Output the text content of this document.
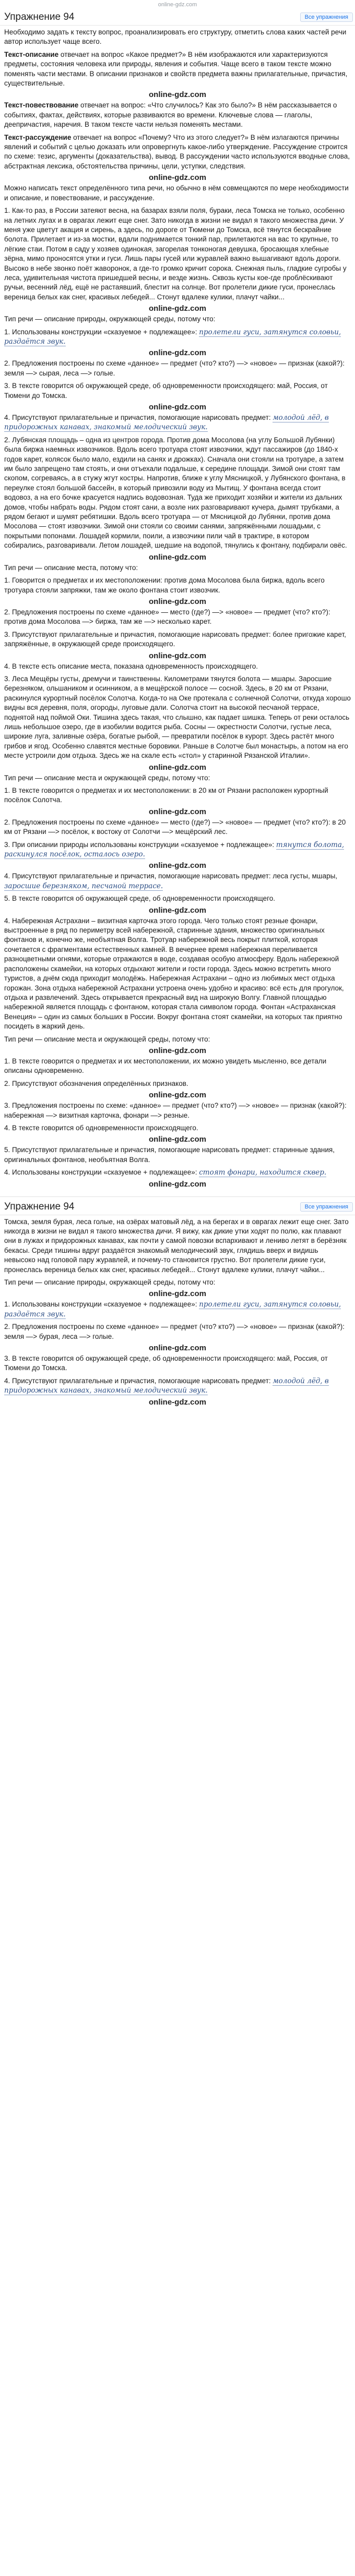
online-gdz.com
Упражнение 94	Все упражнения

Необходимо задать к тексту вопрос, проанализировать его структуру, отметить слова каких частей речи автор использует чаще всего.

Текст-описание отвечает на вопрос «Какое предмет?» В нём изображаются или характеризуются предметы, состояния человека или природы, явления и события. Чаще всего в таком тексте можно поменять части местами. В описании признаков и свойств предмета важны прилагательные, причастия, существительные.

online-gdz.com

Текст-повествование отвечает на вопрос: «Что случилось? Как это было?» В нём рассказывается о событиях, фактах, действиях, которые развиваются во времени. Ключевые слова — глаголы, деепричастия, наречия. В таком тексте части нельзя поменять местами.

Текст-рассуждение отвечает на вопрос «Почему? Что из этого следует?» В нём излагаются причины явлений и событий с целью доказать или опровергнуть какое-либо утверждение. Рассуждение строится по схеме: тезис, аргументы (доказательства), вывод. В рассуждении часто используются вводные слова, абстрактная лексика, обстоятельства причины, цели, уступки, следствия.

online-gdz.com

Можно написать текст определённого типа речи, но обычно в нём совмещаются по мере необходимости и описание, и повествование, и рассуждение.

1. Как-то раз, в России затеяют весна, на базарах взяли поля, бураки, леса Томска не только, особенно на летних лугах и в оврагах лежит еще снег. Зато никогда в жизни не видал я такого множества дичи. У меня уже цветут акация и сирень, а здесь, по дороге от Тюмени до Томска, всё тянутся бескрайние болота. Прилетает и из-за мостки, вдали поднимается тонкий пар, прилетаются на вас то крупные, то лёгкие стаи. Потом в саду у хозяев одинокая, загорелая тонконогая девушка, бросающая хлебные зёрна, мимо проносятся утки и гуси. Лишь пары гусей или журавлей важно вышагивают вдоль дороги. Высоко в небе звонко поёт жаворонок, а где-то громко кричит сорока. Снежная пыль, гладкие сугробы у леса, удивительная чистота пришедшей весны, и везде жизнь. Сквозь кусты кое-где проблёскивают ручьи, весенний лёд, ещё не растаявший, блестит на солнце. Вот пролетели дикие гуси, пронеслась вереница белых как снег, красивых лебедей... Стонут вдалеке кулики, плачут чайки...

online-gdz.com

Тип речи — описание природы, окружающей среды, потому что:

1. Использованы конструкции «сказуемое + подлежащее»: пролетели гуси, затянутся соловьи, раздаётся звук.

online-gdz.com

2. Предложения построены по схеме «данное» — предмет (что? кто?) —> «новое» — признак (какой?): земля —> сырая, леса —> голые.

3. В тексте говорится об окружающей среде, об одновременности происходящего: май, Россия, от Тюмени до Томска.

online-gdz.com

4. Присутствуют прилагательные и причастия, помогающие нарисовать предмет: молодой лёд, в придорожных канавах, знакомый мелодический звук.

2. Лубянская площадь – одна из центров города. Против дома Мосолова (на углу Большой Лубянки) была биржа наемных извозчиков. Вдоль всего тротуара стоят извозчики, ждут пассажиров (до 1840-х годов карет, колясок было мало, ездили на санях и дрожках). Сначала они стояли на тротуаре, а затем им было запрещено там стоять, и они отъехали подальше, к середине площади. Зимой они стоят там скопом, согреваясь, а в стужу жгут костры. Напротив, ближе к углу Мясницкой, у Лубянского фонтана, в переулке стоял большой бассейн, в который привозили воду из Мытищ. У фонтана всегда стоит водовоз, а на его бочке красуется надпись водовозная. Туда же приходит хозяйки и жители из дальних домов, чтобы набрать воды. Рядом стоят сани, а возле них разговаривают кучера, дымят трубками, а рядом бегают и шумят ребятишки. Вдоль всего тротуара — от Мясницкой до Лубянки, против дома Мосолова — стоят извозчики. Зимой они стояли со своими санями, запряжёнными лошадьми, с покрытыми попонами. Лошадей кормили, поили, а извозчики пили чай в трактире, в котором собирались, разговаривали. Летом лошадей, шедшие на водопой, тянулись к фонтану, подбирали овёс.

online-gdz.com

Тип речи — описание места, потому что:

1. Говорится о предметах и их местоположении: против дома Мосолова была биржа, вдоль всего тротуара стояли запряжки, там же около фонтана стоит извозчик.

online-gdz.com

2. Предложения построены по схеме «данное» — место (где?) —> «новое» — предмет (что? кто?): против дома Мосолова —> биржа, там же —> несколько карет.

3. Присутствуют прилагательные и причастия, помогающие нарисовать предмет: более пригожие карет, запряжённые, в окружающей среде происходящего.

online-gdz.com

4. В тексте есть описание места, показана одновременность происходящего.

3. Леса Мещёры густы, дремучи и таинственны. Километрами тянутся болота — мшары. Заросшие березняком, ольшаником и осинником, а в мещёрской полосе — сосной. Здесь, в 20 км от Рязани, раскинулся курортный посёлок Солотча. Когда-то на Оке протекала с солнечной Солотчи, откуда хорошо видны вся деревня, поля, огороды, луговые дали. Солотча стоит на высокой песчаной террасе, поднятой над поймой Оки. Тишина здесь такая, что слышно, как падает шишка. Теперь от реки осталось лишь небольшое озеро, где в изобилии водится рыба. Сосны — окрестности Солотчи, густые леса, широкие луга, заливные озёра, богатые рыбой, — превратили посёлок в курорт. Здесь растёт много грибов и ягод. Особенно славятся местные боровики. Раньше в Солотче был монастырь, а потом на его месте устроили дом отдыха. Здесь же на скале есть «стол» у старинной Рязанской Италии».

online-gdz.com

Тип речи — описание места и окружающей среды, потому что:

1. В тексте говорится о предметах и их местоположении: в 20 км от Рязани расположен курортный посёлок Солотча.

online-gdz.com

2. Предложения построены по схеме «данное» — место (где?) —> «новое» — предмет (что? кто?): в 20 км от Рязани —> посёлок, к востоку от Солотчи —> мещёрский лес.

3. При описании природы использованы конструкции «сказуемое + подлежащее»: тянутся болота, раскинулся посёлок, осталось озеро.

online-gdz.com

4. Присутствуют прилагательные и причастия, помогающие нарисовать предмет: леса густы, мшары, заросшие березняком, песчаной террасе.

5. В тексте говорится об окружающей среде, об одновременности происходящего.

online-gdz.com

4. Набережная Астрахани – визитная карточка этого города. Чего только стоят резные фонари, выстроенные в ряд по периметру всей набережной, старинные здания, множество оригинальных фонтанов и, конечно же, необъятная Волга. Тротуар набережной весь покрыт плиткой, которая сочетается с фрагментами естественных камней. В вечернее время набережная переливается разноцветными огнями, которые отражаются в воде, создавая особую атмосферу. Вдоль набережной расположены скамейки, на которых отдыхают жители и гости города. Здесь можно встретить много туристов, а днём сюда приходит молодёжь. Набережная Астрахани – одно из любимых мест отдыха горожан. Зона отдыха набережной Астрахани устроена очень удобно и красиво: всё есть для прогулок, отдыха и развлечений. Здесь открывается прекрасный вид на широкую Волгу. Главной площадью набережной является площадь с фонтаном, которая стала символом города. Фонтан «Астраханская Венеция» – один из самых больших в России. Вокруг фонтана стоят скамейки, на которых так приятно посидеть в жаркий день.

Тип речи — описание места и окружающей среды, потому что:

online-gdz.com

1. В тексте говорится о предметах и их местоположении, их можно увидеть мысленно, все детали описаны одновременно.

2. Присутствуют обозначения определённых признаков.

online-gdz.com

3. Предложения построены по схеме: «данное» — предмет (что? кто?) —> «новое» — признак (какой?): набережная —> визитная карточка, фонари —> резные.

4. В тексте говорится об одновременности происходящего.

online-gdz.com

5. Присутствуют прилагательные и причастия, помогающие нарисовать предмет: старинные здания, оригинальных фонтанов, необъятная Волга.

4. Использованы конструкции «сказуемое + подлежащее»: стоят фонари, находится сквер.

online-gdz.com
Упражнение 94	Все упражнения

Томска, земля бурая, леса голые, на озёрах матовый лёд, а на берегах и в оврагах лежит еще снег. Зато никогда в жизни не видал я такого множества дичи. Я вижу, как дикие утки ходят по полю, как плавают они в лужах и придорожных канавах, как почти у самой повозки вспархивают и лениво летят в берёзняк бекасы. Среди тишины вдруг раздаётся знакомый мелодический звук, глядишь вверх и видишь невысоко над головой пару журавлей, и почему-то становится грустно. Вот пролетели дикие гуси, пронеслась вереница белых как снег, красивых лебедей... Стонут вдалеке кулики, плачут чайки...

Тип речи — описание природы, окружающей среды, потому что:

online-gdz.com

1. Использованы конструкции «сказуемое + подлежащее»: пролетели гуси, затянутся соловьи, раздаётся звук.

2. Предложения построены по схеме «данное» — предмет (что? кто?) —> «новое» — признак (какой?): земля —> бурая, леса —> голые.

online-gdz.com

3. В тексте говорится об окружающей среде, об одновременности происходящего: май, Россия, от Тюмени до Томска.

4. Присутствуют прилагательные и причастия, помогающие нарисовать предмет: молодой лёд, в придорожных канавах, знакомый мелодический звук.

online-gdz.com
